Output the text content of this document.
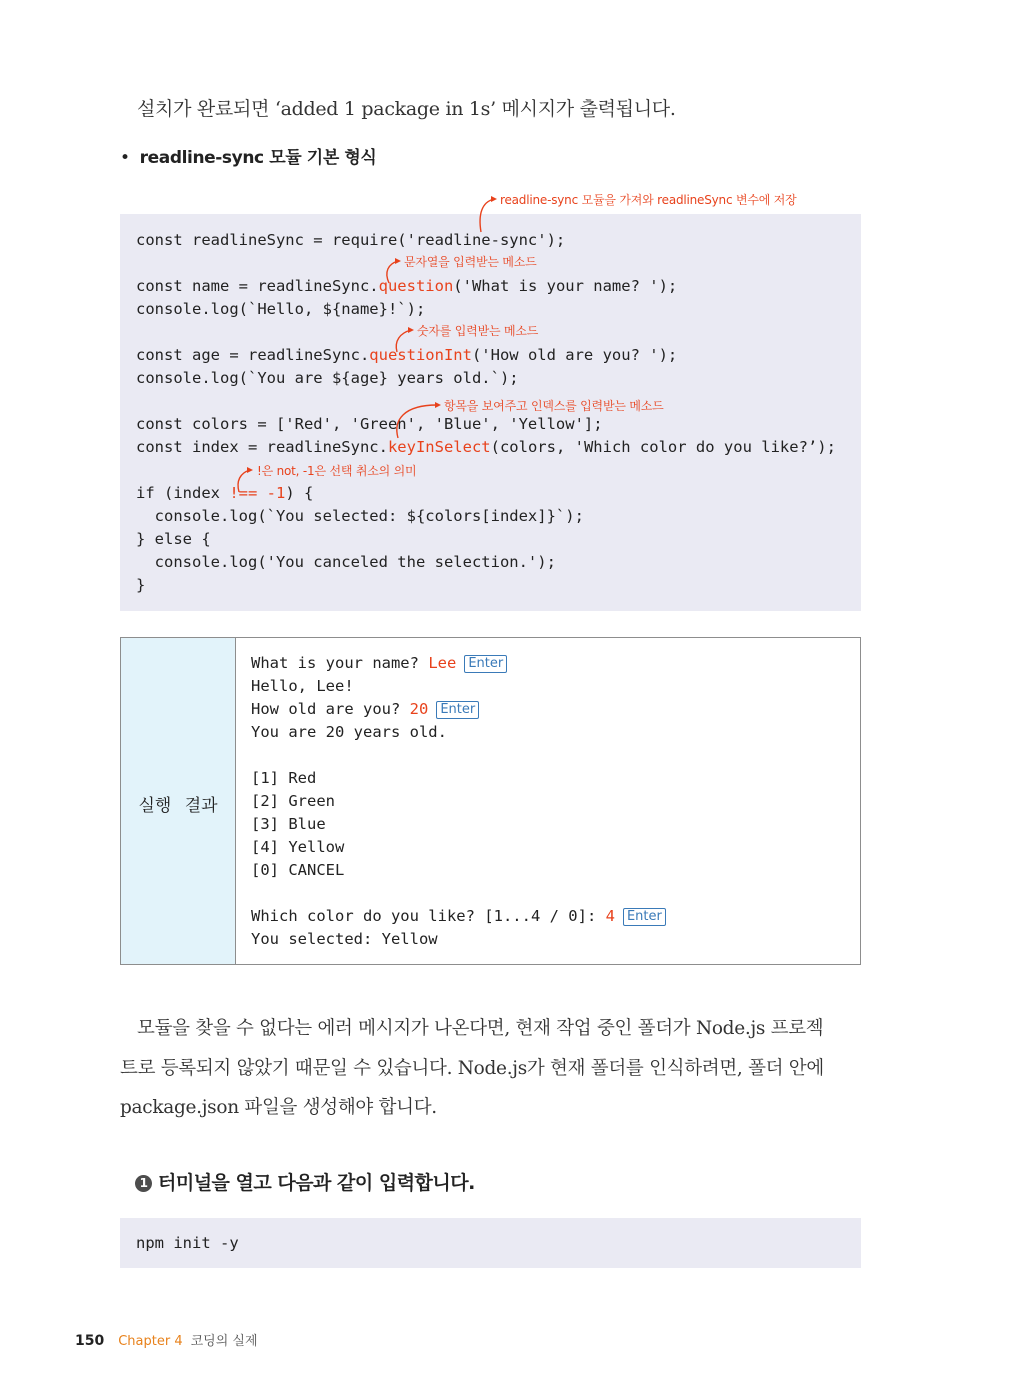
설치가 완료되면 ‘added 1 package in 1s’ 메시지가 출력됩니다.
• readline-sync 모듈 기본 형식
const readlineSync = require('readline-sync');
const name = readlineSync.question('What is your name? ');
console.log(`Hello, ${name}!`);
const age = readlineSync.questionInt('How old are you? ');
console.log(`You are ${age} years old.`);
const colors = ['Red', 'Green', 'Blue', 'Yellow'];
const index = readlineSync.keyInSelect(colors, 'Which color do you like?’);
if (index !== -1) {
console.log(`You selected: ${colors[index]}`);
} else {
console.log('You canceled the selection.');
}
readline-sync 모듈을 가져와 readlineSync 변수에 저장
문자열을 입력받는 메소드
숫자를 입력받는 메소드
항목을 보여주고 인덱스를 입력받는 메소드
!은 not, -1은 선택 취소의 의미
실행 결과
What is your name? Lee Enter
Hello, Lee!
How old are you? 20 Enter
You are 20 years old.
[1] Red
[2] Green
[3] Blue
[4] Yellow
[0] CANCEL
Which color do you like? [1...4 / 0]: 4 Enter
You selected: Yellow
모듈을 찾을 수 없다는 에러 메시지가 나온다면, 현재 작업 중인 폴더가 Node.js 프로젝
트로 등록되지 않았기 때문일 수 있습니다. Node.js가 현재 폴더를 인식하려면, 폴더 안에
package.json 파일을 생성해야 합니다.
1 터미널을 열고 다음과 같이 입력합니다.
npm init -y
150 Chapter 4 코딩의 실제
